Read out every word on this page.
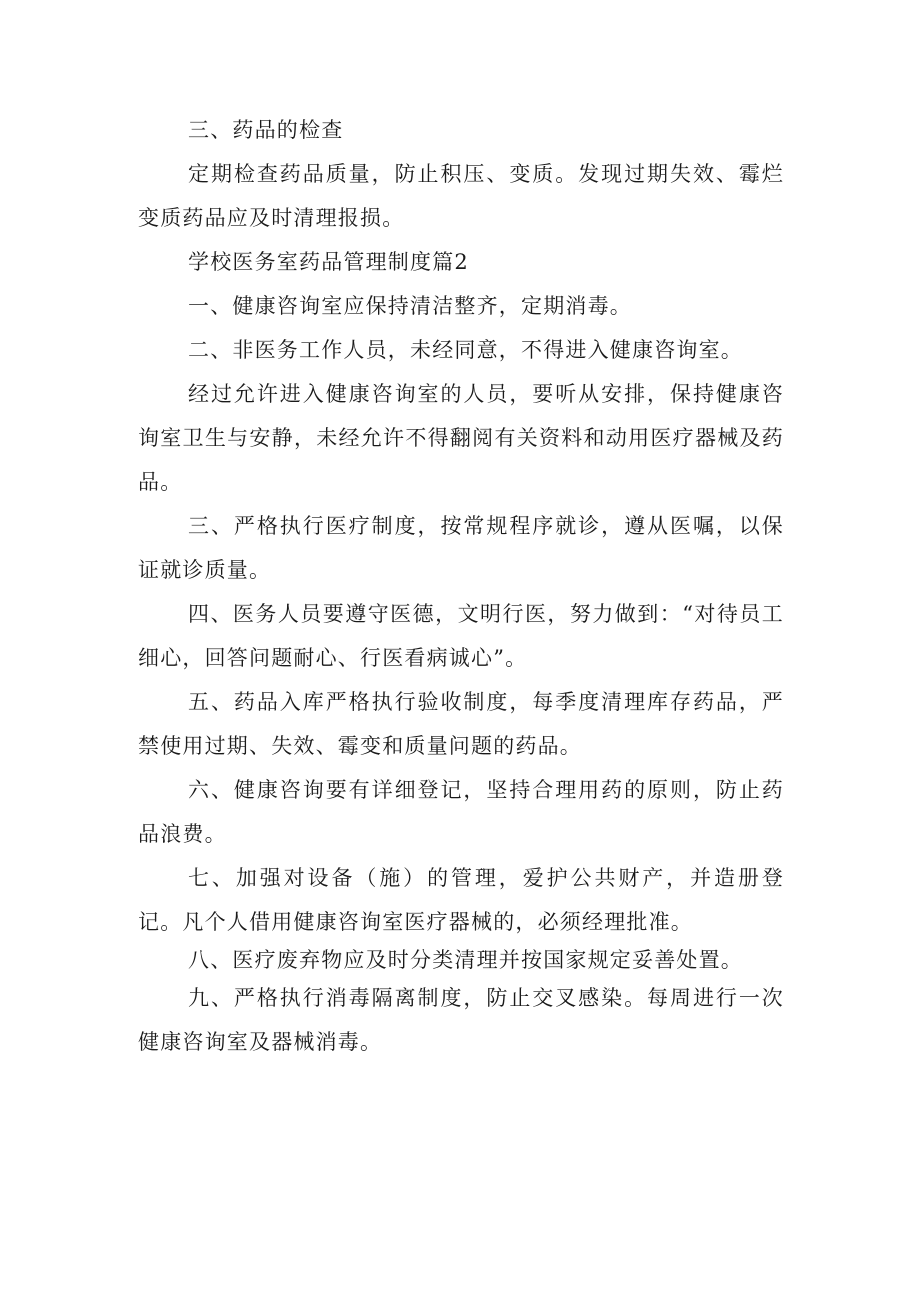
三、药品的检查

定期检查药品质量，防止积压、变质。发现过期失效、霉烂变质药品应及时清理报损。

学校医务室药品管理制度篇2

一、健康咨询室应保持清洁整齐，定期消毒。

二、非医务工作人员，未经同意，不得进入健康咨询室。

经过允许进入健康咨询室的人员，要听从安排，保持健康咨询室卫生与安静，未经允许不得翻阅有关资料和动用医疗器械及药品。

三、严格执行医疗制度，按常规程序就诊，遵从医嘱，以保证就诊质量。

四、医务人员要遵守医德，文明行医，努力做到：“对待员工细心，回答问题耐心、行医看病诚心”。

五、药品入库严格执行验收制度，每季度清理库存药品，严禁使用过期、失效、霉变和质量问题的药品。

六、健康咨询要有详细登记，坚持合理用药的原则，防止药品浪费。

七、加强对设备（施）的管理，爱护公共财产，并造册登记。凡个人借用健康咨询室医疗器械的，必须经理批准。

八、医疗废弃物应及时分类清理并按国家规定妥善处置。

九、严格执行消毒隔离制度，防止交叉感染。每周进行一次健康咨询室及器械消毒。
